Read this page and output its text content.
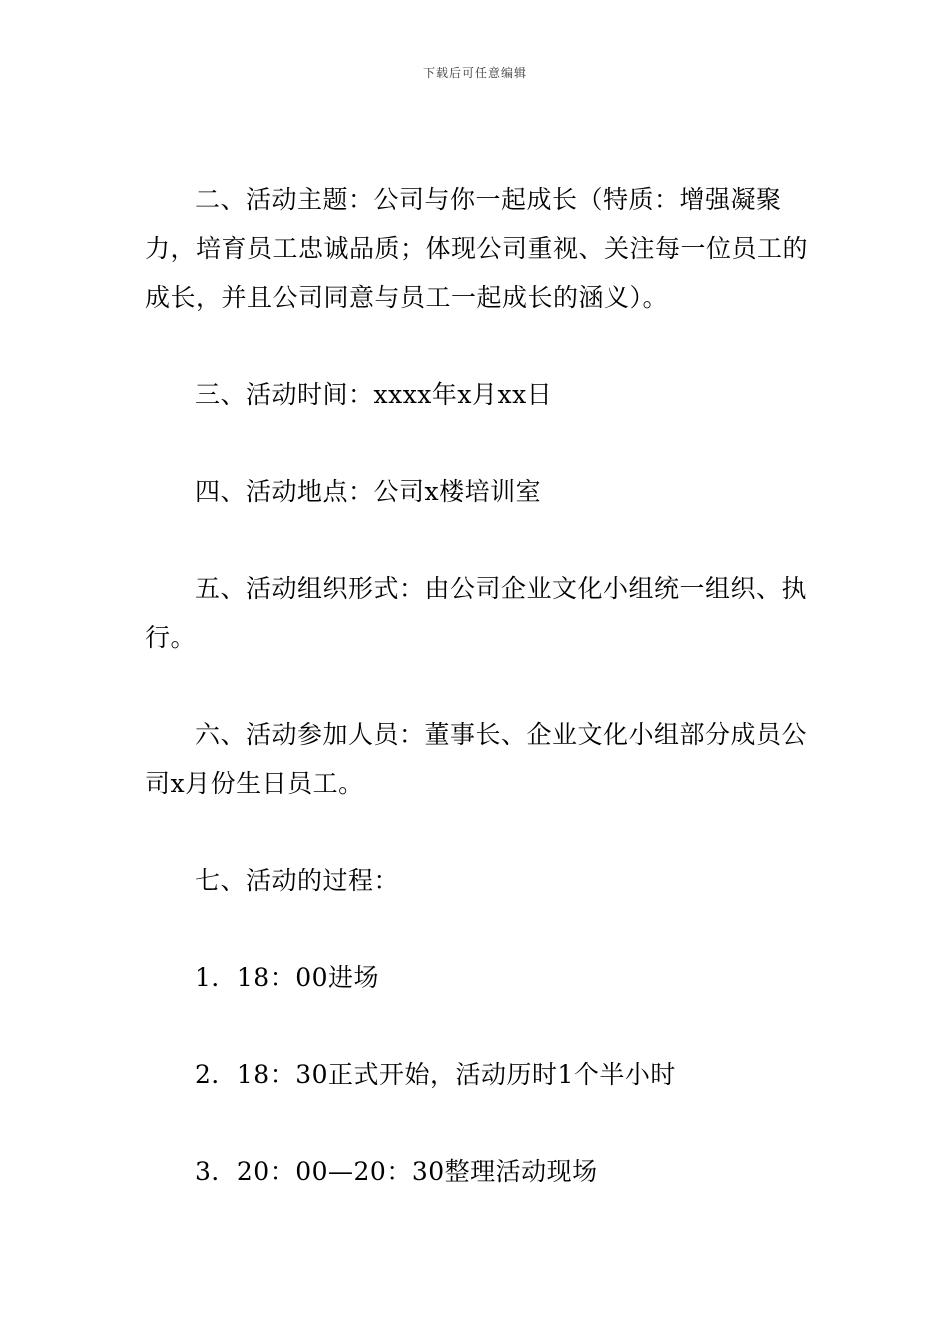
下载后可任意编辑

二、活动主题：公司与你一起成长（特质：增强凝聚力，培育员工忠诚品质；体现公司重视、关注每一位员工的成长，并且公司同意与员工一起成长的涵义）。

三、活动时间：xxxx年x月xx日

四、活动地点：公司x楼培训室

五、活动组织形式：由公司企业文化小组统一组织、执行。

六、活动参加人员：董事长、企业文化小组部分成员公司x月份生日员工。

七、活动的过程：

1．18：00进场

2．18：30正式开始，活动历时1个半小时

3．20：00—20：30整理活动现场
